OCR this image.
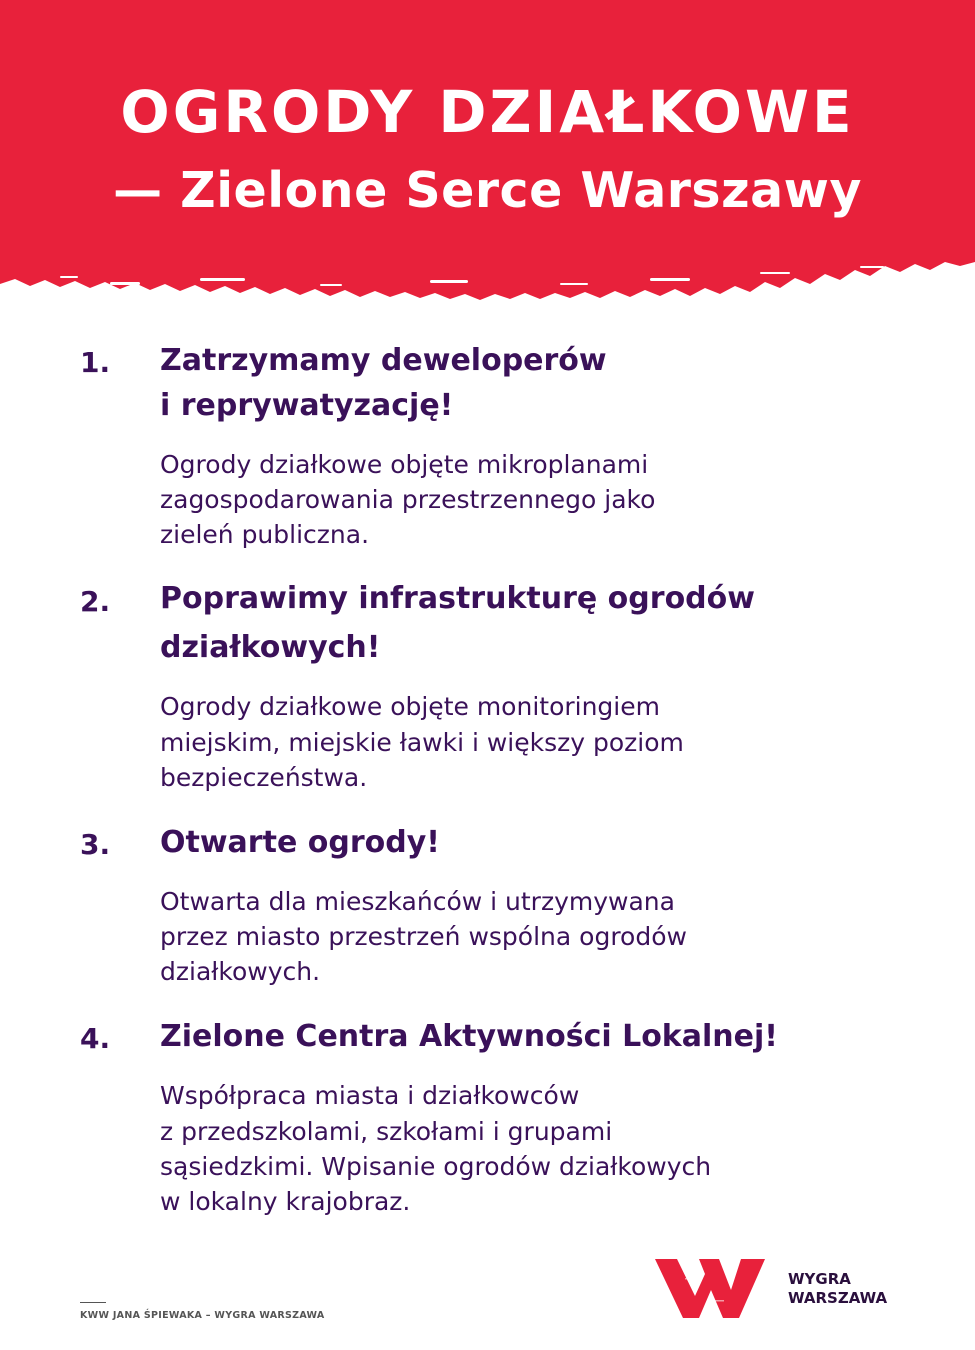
OGRODY DZIAŁKOWE
— Zielone Serce Warszawy
1. Zatrzymamy deweloperów
i reprywatyzację!
Ogrody działkowe objęte mikroplanami
zagospodarowania przestrzennego jako
zieleń publiczna.
2. Poprawimy infrastrukturę ogrodów
działkowych!
Ogrody działkowe objęte monitoringiem
miejskim, miejskie ławki i większy poziom
bezpieczeństwa.
3. Otwarte ogrody!
Otwarta dla mieszkańców i utrzymywana
przez miasto przestrzeń wspólna ogrodów
działkowych.
4. Zielone Centra Aktywności Lokalnej!
Współpraca miasta i działkowców
z przedszkolami, szkołami i grupami
sąsiedzkimi. Wpisanie ogrodów działkowych
w lokalny krajobraz.
KWW JANA ŚPIEWAKA – WYGRA WARSZAWA
WYGRA
WARSZAWA
